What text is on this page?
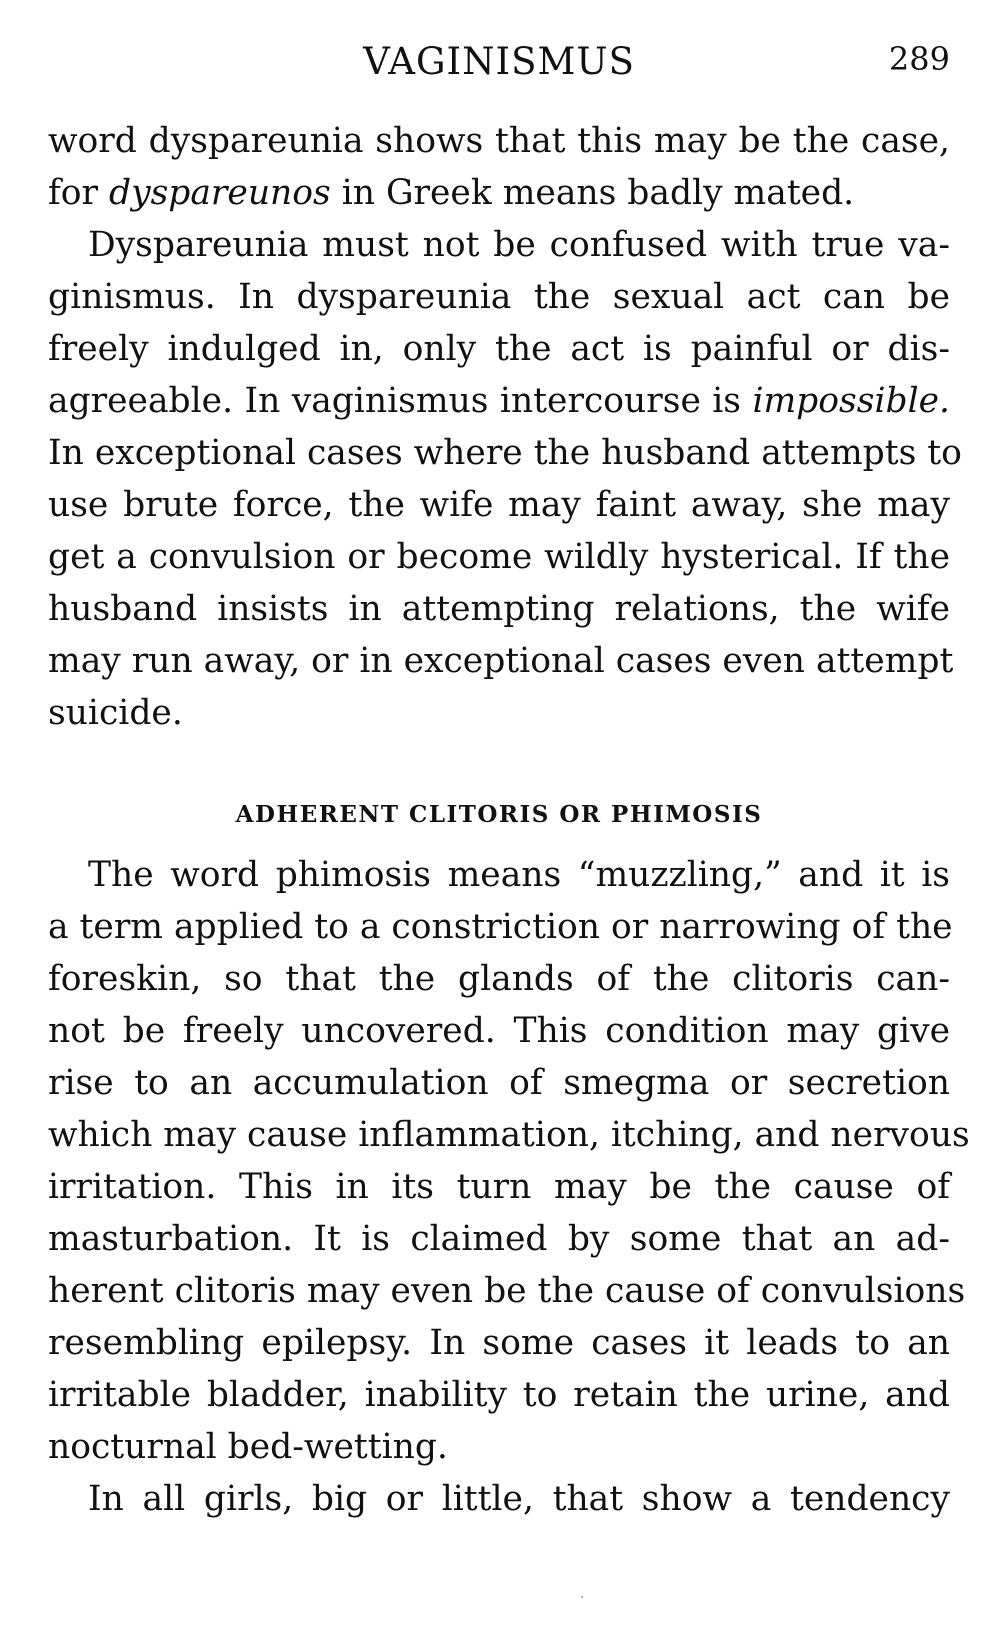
VAGINISMUS	289
word dyspareunia shows that this may be the case,
for dyspareunos in Greek means badly mated.
Dyspareunia must not be confused with true va-
ginismus. In dyspareunia the sexual act can be
freely indulged in, only the act is painful or dis-
agreeable. In vaginismus intercourse is impossible.
In exceptional cases where the husband attempts to
use brute force, the wife may faint away, she may
get a convulsion or become wildly hysterical. If the
husband insists in attempting relations, the wife
may run away, or in exceptional cases even attempt
suicide.
ADHERENT CLITORIS OR PHIMOSIS
The word phimosis means “muzzling,” and it is
a term applied to a constriction or narrowing of the
foreskin, so that the glands of the clitoris can-
not be freely uncovered. This condition may give
rise to an accumulation of smegma or secretion
which may cause inflammation, itching, and nervous
irritation. This in its turn may be the cause of
masturbation. It is claimed by some that an ad-
herent clitoris may even be the cause of convulsions
resembling epilepsy. In some cases it leads to an
irritable bladder, inability to retain the urine, and
nocturnal bed-wetting.
In all girls, big or little, that show a tendency
